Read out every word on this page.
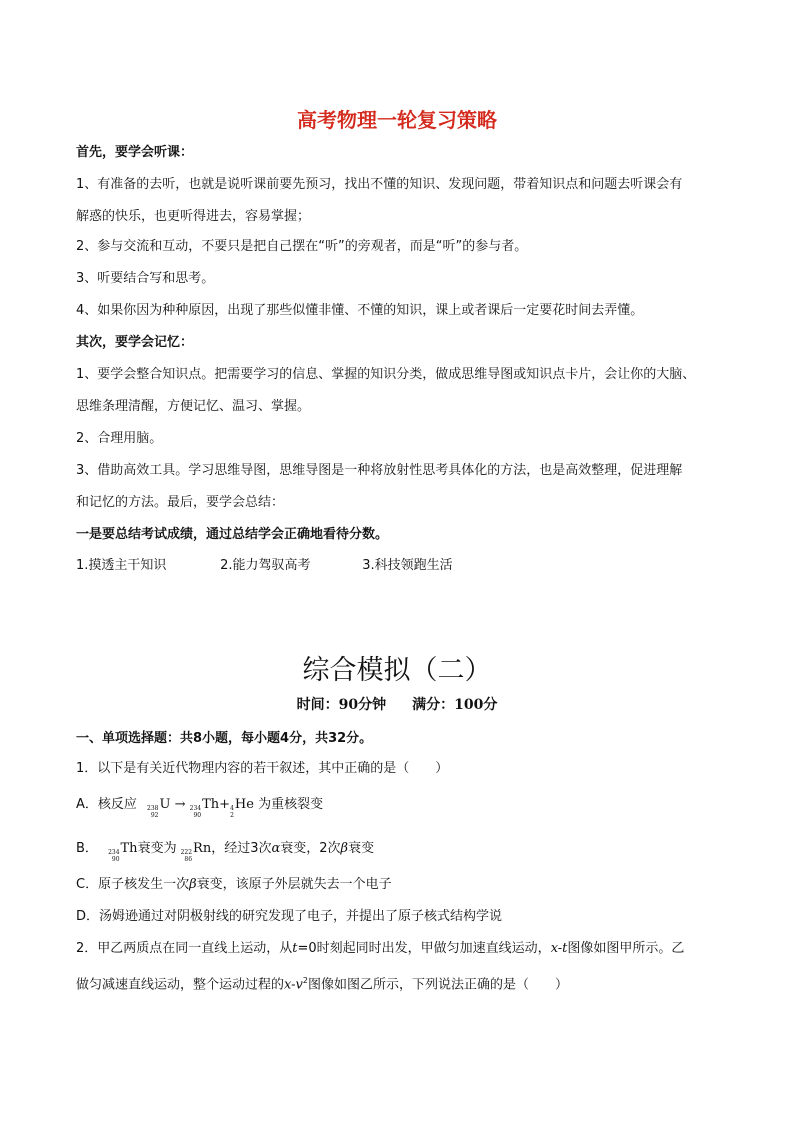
高考物理一轮复习策略
首先，要学会听课：
1、有准备的去听，也就是说听课前要先预习，找出不懂的知识、发现问题，带着知识点和问题去听课会有
解惑的快乐，也更听得进去，容易掌握；
2、参与交流和互动，不要只是把自己摆在“听”的旁观者，而是“听”的参与者。
3、听要结合写和思考。
4、如果你因为种种原因，出现了那些似懂非懂、不懂的知识，课上或者课后一定要花时间去弄懂。
其次，要学会记忆：
1、要学会整合知识点。把需要学习的信息、掌握的知识分类，做成思维导图或知识点卡片，会让你的大脑、
思维条理清醒，方便记忆、温习、掌握。
2、合理用脑。
3、借助高效工具。学习思维导图，思维导图是一种将放射性思考具体化的方法，也是高效整理，促进理解
和记忆的方法。最后，要学会总结：
一是要总结考试成绩，通过总结学会正确地看待分数。
1.摸透主干知识	2.能力驾驭高考	3.科技领跑生活
综合模拟（二）
时间：90分钟 满分：100分
一、单项选择题：共8小题，每小题4分，共32分。
1．以下是有关近代物理内容的若干叙述，其中正确的是（　　）
A．核反应 238
92
U → 234
90
Th+ 4
2
He 为重核裂变
B． 234
90
Th衰变为 222
86
Rn，经过3次α衰变，2次β衰变
C．原子核发生一次β衰变，该原子外层就失去一个电子
D．汤姆逊通过对阴极射线的研究发现了电子，并提出了原子核式结构学说
2．甲乙两质点在同一直线上运动，从t=0时刻起同时出发，甲做匀加速直线运动，x-t图像如图甲所示。乙
做匀减速直线运动，整个运动过程的$x-v^2$图像如图乙所示，下列说法正确的是（　　）
